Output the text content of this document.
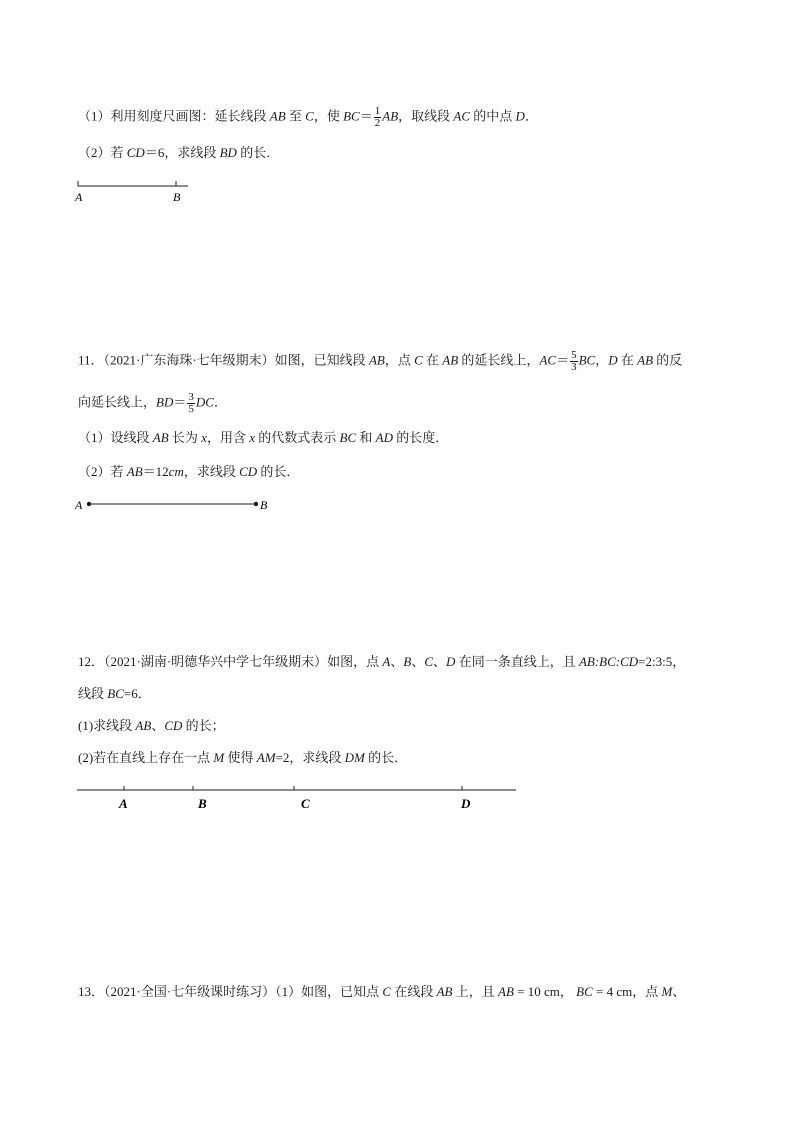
（1）利用刻度尺画图：延长线段 AB 至 C，使 $BC= \frac{1}{2}$ AB，取线段 AC 的中点 D．
（2）若 CD＝6，求线段 BD 的长．
A	B
11．（2021·广东海珠·七年级期末）如图，已知线段 AB，点 C 在 AB 的延长线上，$AC= \frac{5}{3}$ BC，D 在 AB 的反
向延长线上，$BD= \frac{3}{5}$ DC．
（1）设线段 AB 长为 x，用含 x 的代数式表示 BC 和 AD 的长度．
（2）若 AB＝12cm，求线段 CD 的长．
A	B
12．（2021·湖南·明德华兴中学七年级期末）如图，点 A、B、C、D 在同一条直线上，且 AB:BC:CD=2:3:5，
线段 BC=6．
(1)求线段 AB、CD 的长；
(2)若在直线上存在一点 M 使得 AM=2，求线段 DM 的长．
A	B	C	D
13．（2021·全国·七年级课时练习）（1）如图，已知点 C 在线段 AB 上，且 AB = 10 cm， BC = 4 cm，点 M、
